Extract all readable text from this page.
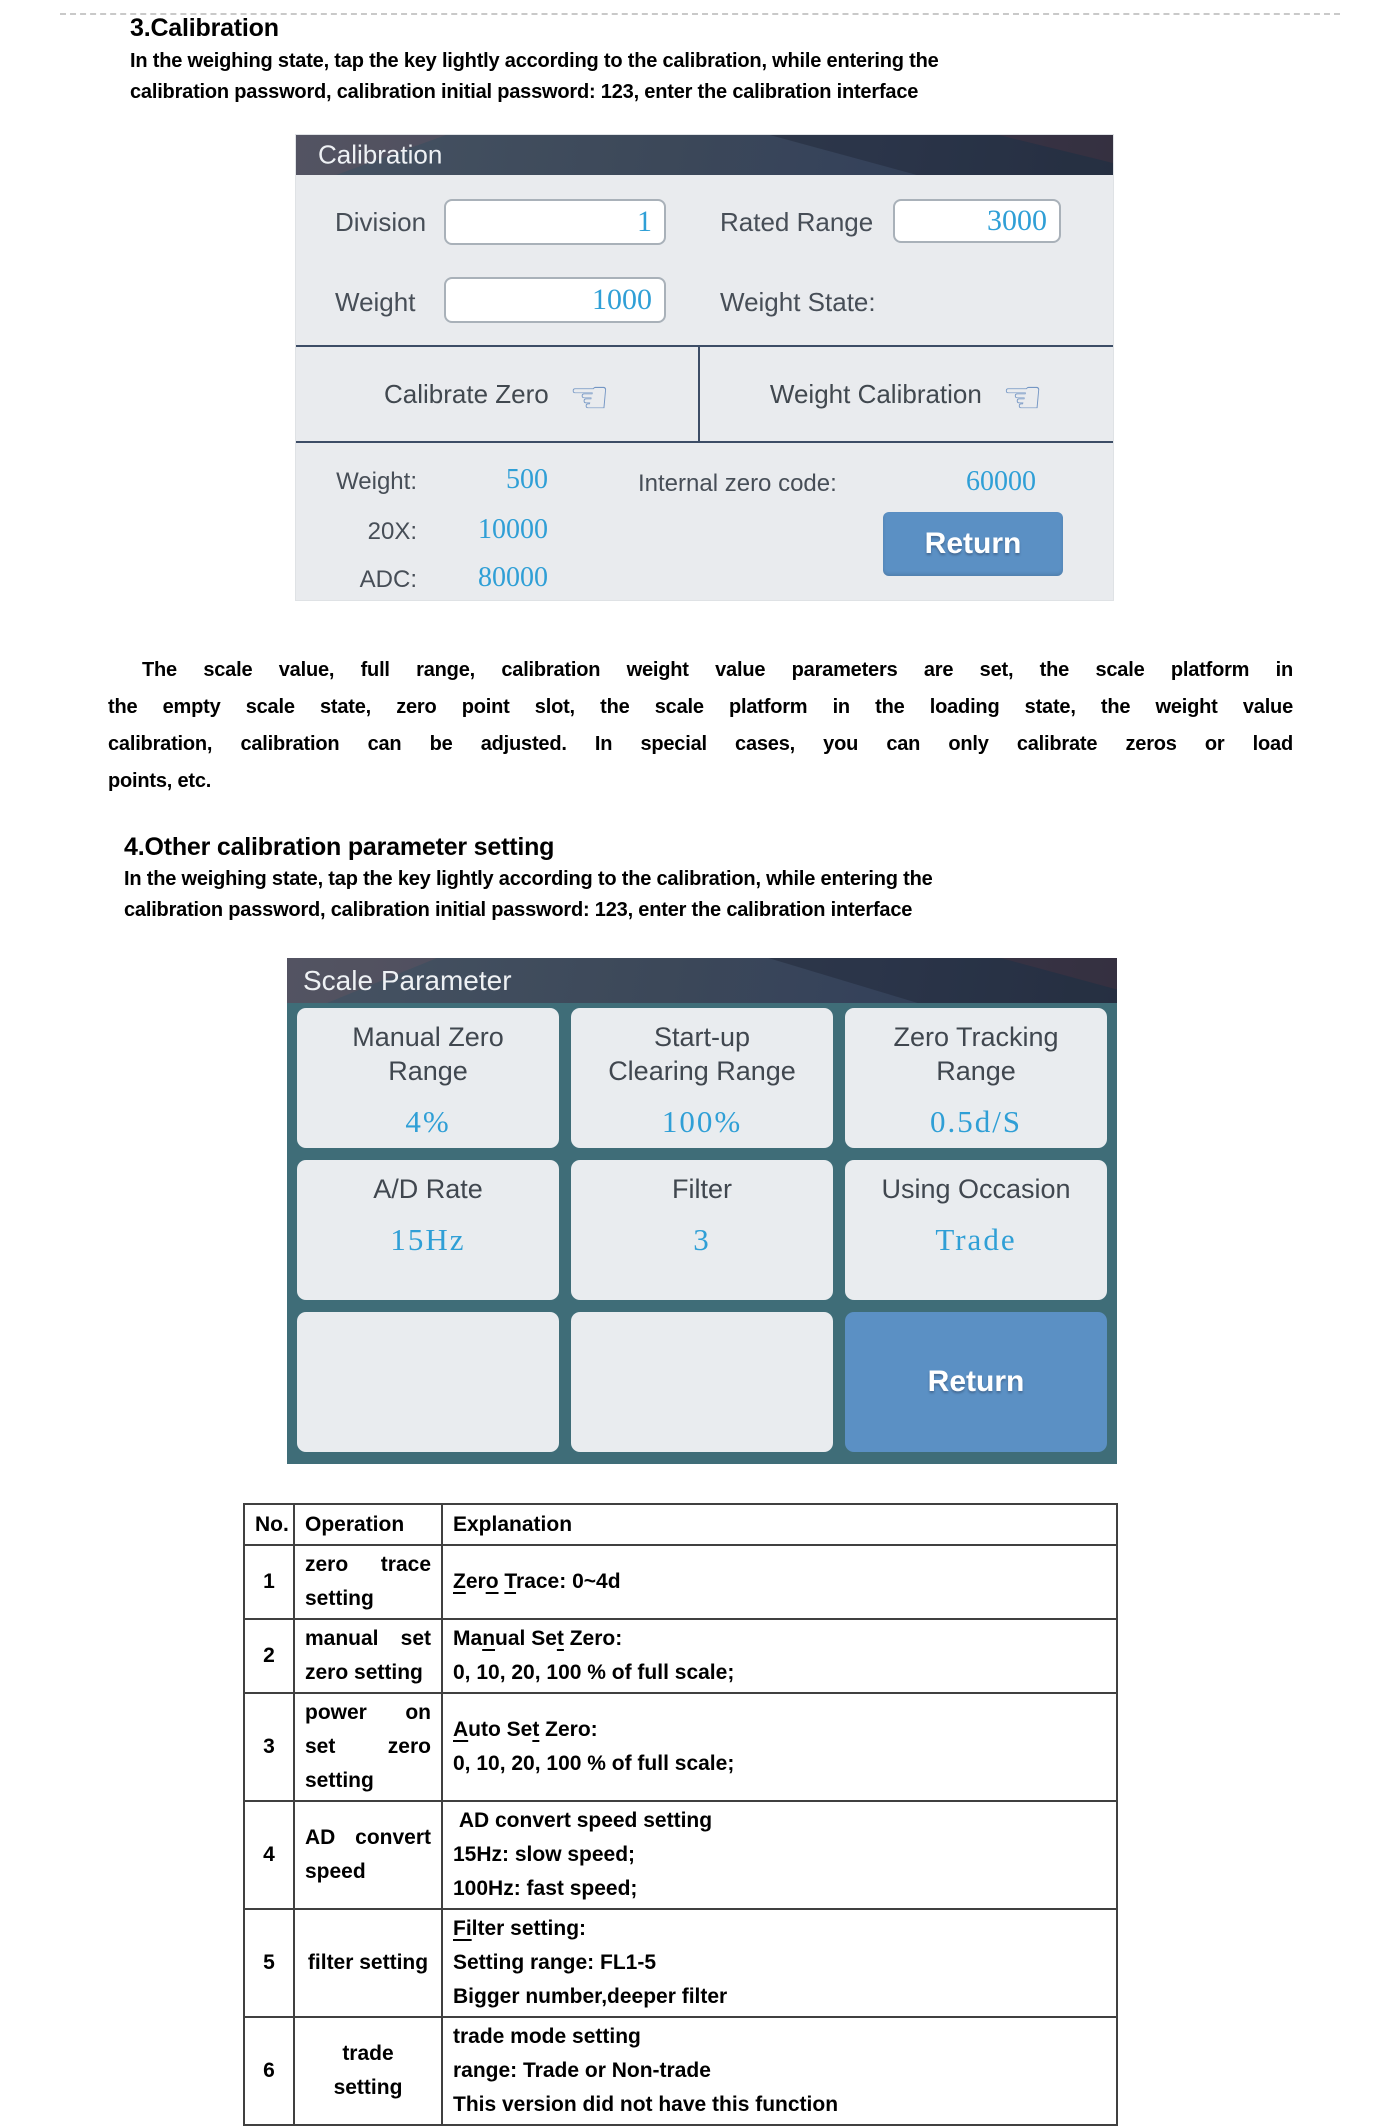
3.Calibration
In the weighing state, tap the key lightly according to the calibration, while entering the
calibration password, calibration initial password: 123, enter the calibration interface
Calibration
Division	1	Rated Range	3000
Weight	1000	Weight State:
Calibrate Zero ☜	Weight Calibration ☜
Weight:	500
20X:	10000
ADC:	80000
Internal zero code:	60000
Return
The scale value, full range, calibration weight value parameters are set, the scale platform in
the empty scale state, zero point slot, the scale platform in the loading state, the weight value
calibration, calibration can be adjusted. In special cases, you can only calibrate zeros or load
points, etc.
4.Other calibration parameter setting
In the weighing state, tap the key lightly according to the calibration, while entering the
calibration password, calibration initial password: 123, enter the calibration interface
Scale Parameter
Manual Zero
Range
4%
Start-up
Clearing Range
100%
Zero Tracking
Range
0.5d/S
A/D Rate
15Hz
Filter
3
Using Occasion
Trade
Return
No.	Operation	Explanation
1	zero trace setting	Zero Trace: 0~4d
2	manual set zero setting	Manual Set Zero:
0, 10, 20, 100 % of full scale;
3	power on set zero setting	Auto Set Zero:
0, 10, 20, 100 % of full scale;
4	AD convert speed	AD convert speed setting
15Hz: slow speed;
100Hz: fast speed;
5	filter setting	Filter setting:
Setting range: FL1-5
Bigger number,deeper filter
6	trade setting	trade mode setting
range: Trade or Non-trade
This version did not have this function
